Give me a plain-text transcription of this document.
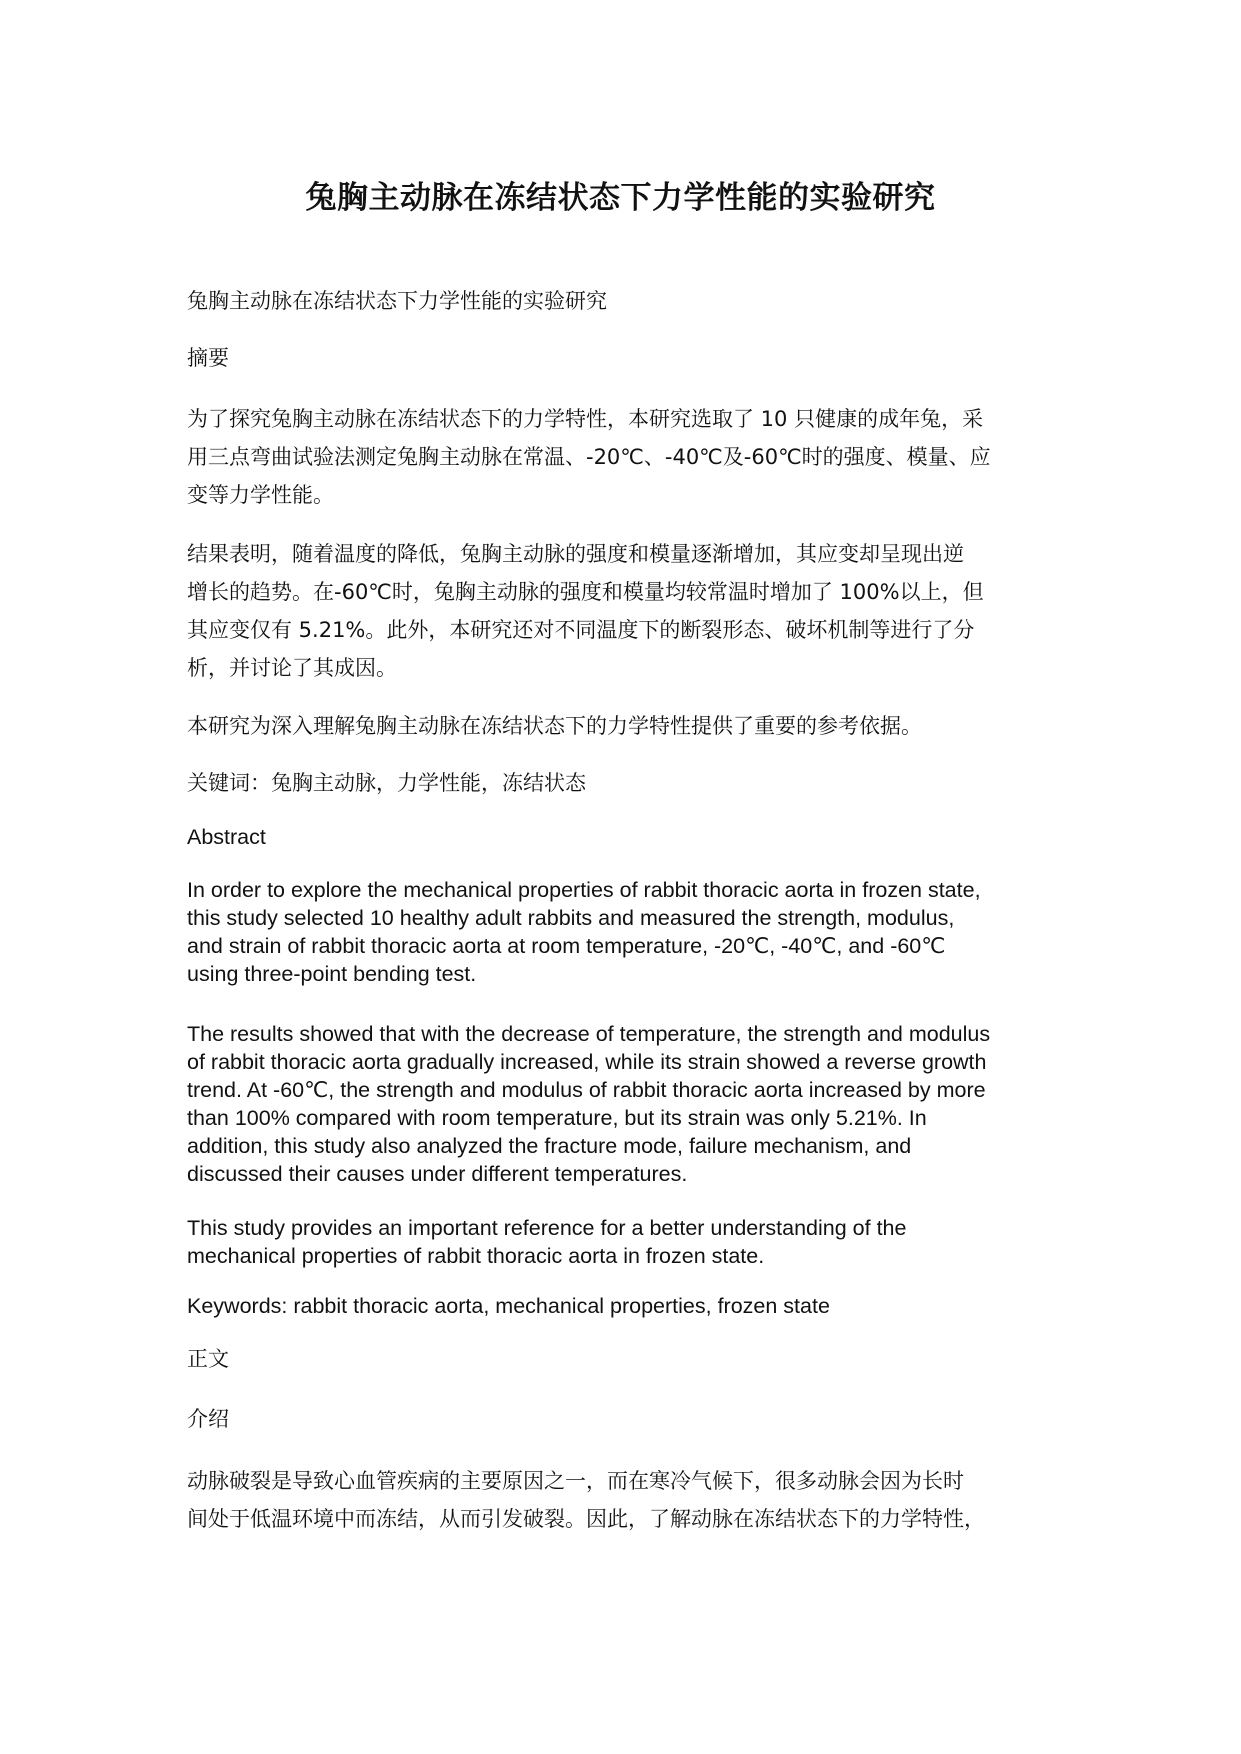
兔胸主动脉在冻结状态下力学性能的实验研究

兔胸主动脉在冻结状态下力学性能的实验研究

摘要

为了探究兔胸主动脉在冻结状态下的力学特性，本研究选取了 10 只健康的成年兔，采
用三点弯曲试验法测定兔胸主动脉在常温、-20℃、-40℃及-60℃时的强度、模量、应
变等力学性能。

结果表明，随着温度的降低，兔胸主动脉的强度和模量逐渐增加，其应变却呈现出逆
增长的趋势。在-60℃时，兔胸主动脉的强度和模量均较常温时增加了 100%以上，但
其应变仅有 5.21%。此外，本研究还对不同温度下的断裂形态、破坏机制等进行了分
析，并讨论了其成因。

本研究为深入理解兔胸主动脉在冻结状态下的力学特性提供了重要的参考依据。

关键词：兔胸主动脉，力学性能，冻结状态

Abstract

In order to explore the mechanical properties of rabbit thoracic aorta in frozen state,
this study selected 10 healthy adult rabbits and measured the strength, modulus,
and strain of rabbit thoracic aorta at room temperature, -20℃, -40℃, and -60℃
using three-point bending test.

The results showed that with the decrease of temperature, the strength and modulus
of rabbit thoracic aorta gradually increased, while its strain showed a reverse growth
trend. At -60℃, the strength and modulus of rabbit thoracic aorta increased by more
than 100% compared with room temperature, but its strain was only 5.21%. In
addition, this study also analyzed the fracture mode, failure mechanism, and
discussed their causes under different temperatures.

This study provides an important reference for a better understanding of the
mechanical properties of rabbit thoracic aorta in frozen state.

Keywords: rabbit thoracic aorta, mechanical properties, frozen state

正文

介绍

动脉破裂是导致心血管疾病的主要原因之一，而在寒冷气候下，很多动脉会因为长时
间处于低温环境中而冻结，从而引发破裂。因此，了解动脉在冻结状态下的力学特性，
